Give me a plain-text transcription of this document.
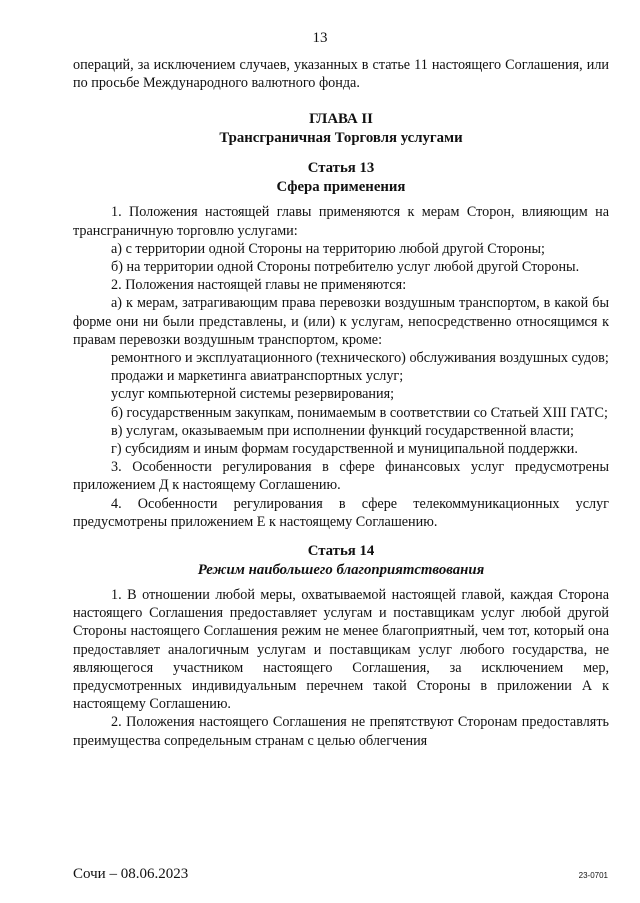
13

операций, за исключением случаев, указанных в статье 11 настоящего Соглашения, или по просьбе Международного валютного фонда.

ГЛАВА II
Трансграничная Торговля услугами
Статья 13
Сфера применения

1. Положения настоящей главы применяются к мерам Сторон, влияющим на трансграничную торговлю услугами:

а) с территории одной Стороны на территорию любой другой Стороны;

б) на территории одной Стороны потребителю услуг любой другой Стороны.

2. Положения настоящей главы не применяются:

а) к мерам, затрагивающим права перевозки воздушным транспортом, в какой бы форме они ни были представлены, и (или) к услугам, непосредственно относящимся к правам перевозки воздушным транспортом, кроме:

ремонтного и эксплуатационного (технического) обслуживания воздушных судов;

продажи и маркетинга авиатранспортных услуг;

услуг компьютерной системы резервирования;

б) государственным закупкам, понимаемым в соответствии со Статьей XIII ГАТС;

в) услугам, оказываемым при исполнении функций государственной власти;

г) субсидиям и иным формам государственной и муниципальной поддержки.

3. Особенности регулирования в сфере финансовых услуг предусмотрены приложением Д к настоящему Соглашению.

4. Особенности регулирования в сфере телекоммуникационных услуг предусмотрены приложением Е к настоящему Соглашению.

Статья 14
Режим наибольшего благоприятствования

1. В отношении любой меры, охватываемой настоящей главой, каждая Сторона настоящего Соглашения предоставляет услугам и поставщикам услуг любой другой Стороны настоящего Соглашения режим не менее благоприятный, чем тот, который она предоставляет аналогичным услугам и поставщикам услуг любого государства, не являющегося участником настоящего Соглашения, за исключением мер, предусмотренных индивидуальным перечнем такой Стороны в приложении А к настоящему Соглашению.

2. Положения настоящего Соглашения не препятствуют Сторонам предоставлять преимущества сопредельным странам с целью облегчения

Сочи – 08.06.2023	23-0701
